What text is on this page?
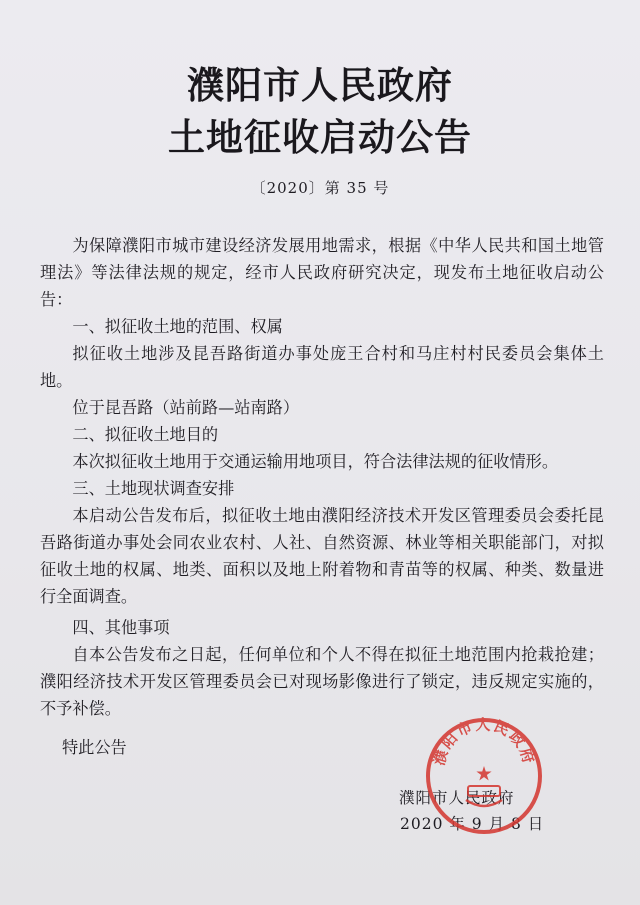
濮阳市人民政府
土地征收启动公告
〔2020〕第 35 号
为保障濮阳市城市建设经济发展用地需求，根据《中华人民共和国土地管理法》等法律法规的规定，经市人民政府研究决定，现发布土地征收启动公告：
一、拟征收土地的范围、权属
拟征收土地涉及昆吾路街道办事处庞王合村和马庄村村民委员会集体土地。
位于昆吾路（站前路—站南路）
二、拟征收土地目的
本次拟征收土地用于交通运输用地项目，符合法律法规的征收情形。
三、土地现状调查安排
本启动公告发布后，拟征收土地由濮阳经济技术开发区管理委员会委托昆吾路街道办事处会同农业农村、人社、自然资源、林业等相关职能部门，对拟征收土地的权属、地类、面积以及地上附着物和青苗等的权属、种类、数量进行全面调查。
四、其他事项
自本公告发布之日起，任何单位和个人不得在拟征土地范围内抢栽抢建；濮阳经济技术开发区管理委员会已对现场影像进行了锁定，违反规定实施的，不予补偿。
特此公告
濮阳市人民政府
2020 年 9 月 8 日
濮阳市人民政府
